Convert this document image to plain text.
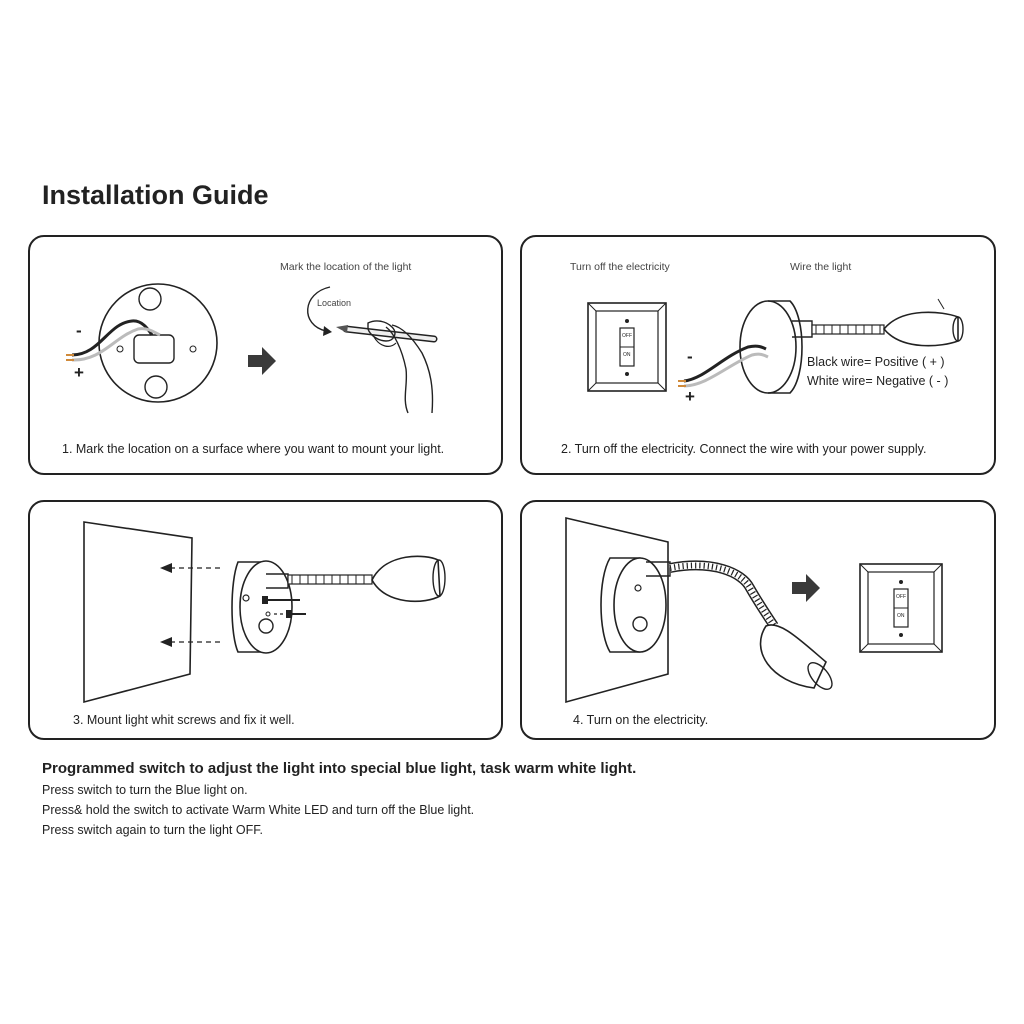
Installation Guide
Mark the location of the light
Location
-
+
1. Mark the location on a surface where you want to mount your light.
Turn off the electricity	Wire the light
OFF
ON	Black wire= Positive ( + )
White wire= Negative ( - )
-
+
2. Turn off the electricity. Connect the wire with your power supply.
3. Mount light whit screws and fix it well.
OFF
ON
4. Turn on the electricity.
Programmed switch to adjust the light into special blue light, task warm white light.
Press switch to turn the Blue light on.
Press& hold the switch to activate Warm White LED and turn off the Blue light.
Press switch again to turn the light OFF.
